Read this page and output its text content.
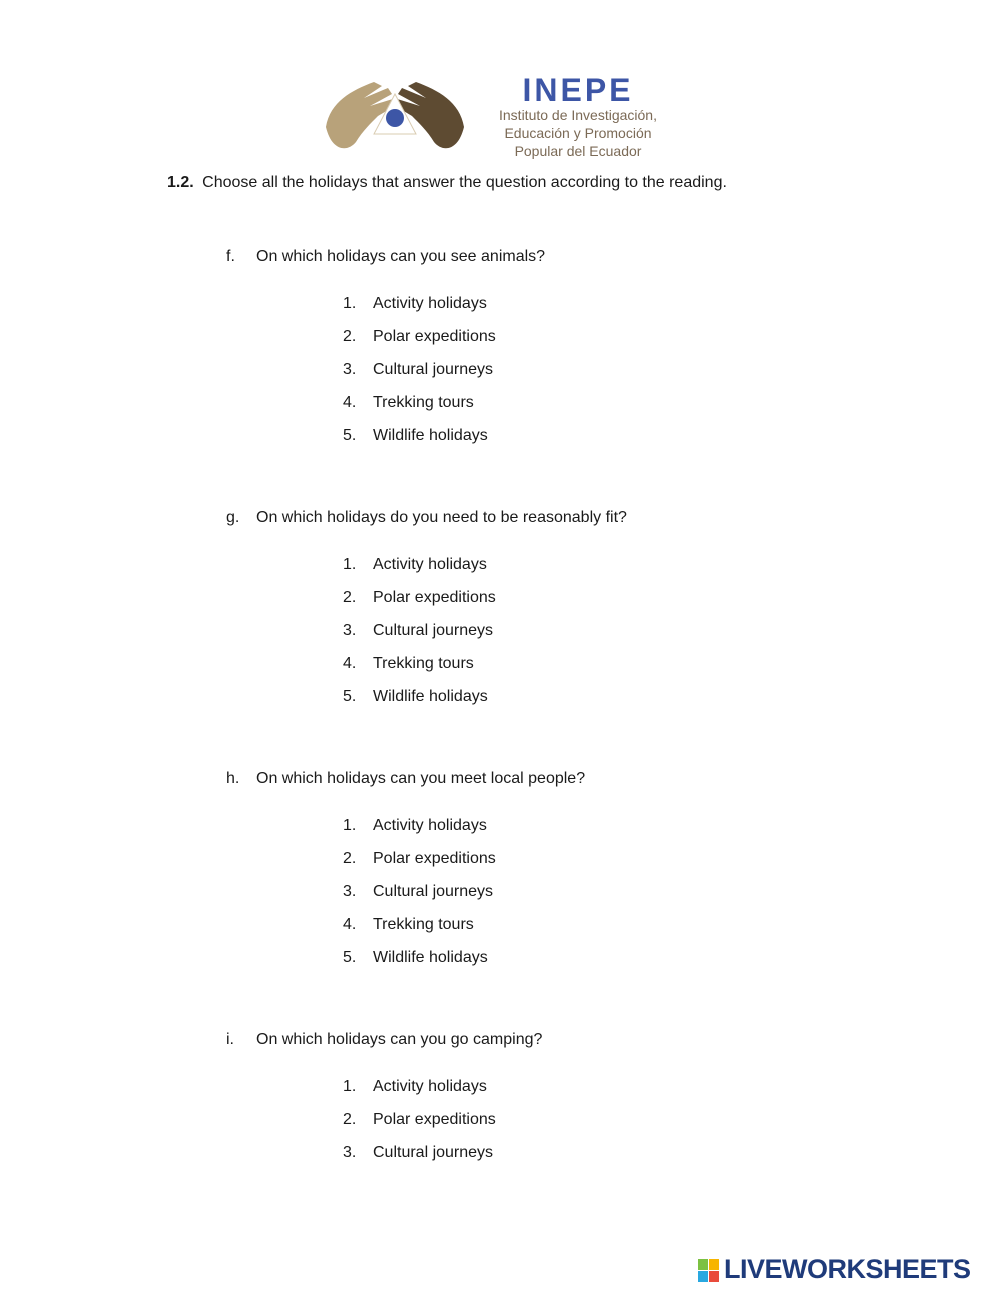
INEPE
Instituto de Investigación,
Educación y Promoción
Popular del Ecuador
1.2. Choose all the holidays that answer the question according to the reading.
f. On which holidays can you see animals?
1. Activity holidays
2. Polar expeditions
3. Cultural journeys
4. Trekking tours
5. Wildlife holidays
g. On which holidays do you need to be reasonably fit?
1. Activity holidays
2. Polar expeditions
3. Cultural journeys
4. Trekking tours
5. Wildlife holidays
h. On which holidays can you meet local people?
1. Activity holidays
2. Polar expeditions
3. Cultural journeys
4. Trekking tours
5. Wildlife holidays
i. On which holidays can you go camping?
1. Activity holidays
2. Polar expeditions
3. Cultural journeys
LIVEWORKSHEETS
